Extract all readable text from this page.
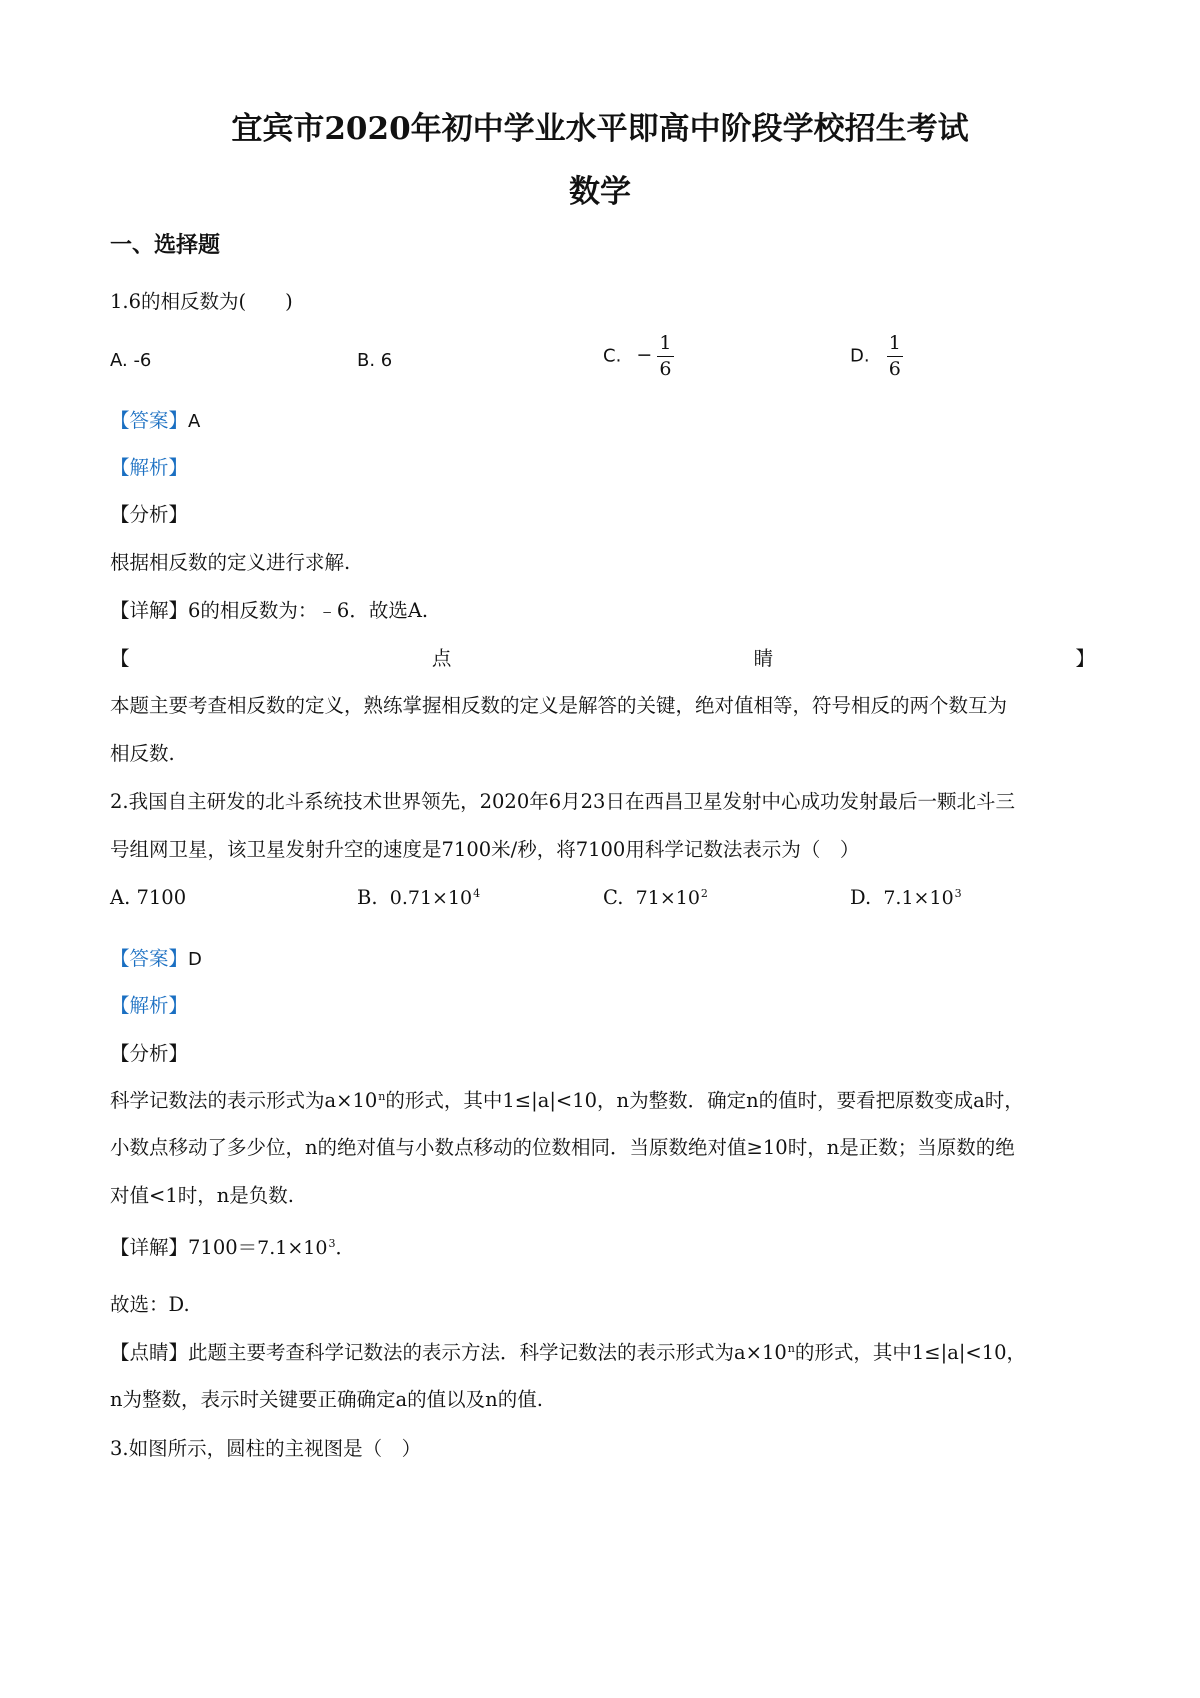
宜宾市2020年初中学业水平即高中阶段学校招生考试
数学
一、选择题
1.6的相反数为(　　)
A. -6	B. 6	C. − $\frac{1}{6}$	D. $\frac{1}{6}$
【答案】A
【解析】
【分析】
根据相反数的定义进行求解.
【详解】6的相反数为：﹣6．故选A.
【	点	睛	】
本题主要考查相反数的定义，熟练掌握相反数的定义是解答的关键，绝对值相等，符号相反的两个数互为
相反数.
2.我国自主研发的北斗系统技术世界领先，2020年6月23日在西昌卫星发射中心成功发射最后一颗北斗三
号组网卫星，该卫星发射升空的速度是7100米/秒，将7100用科学记数法表示为（　）
A. 7100	B. $0.71\times 10^4$	C. $71\times 10^2$	D. $7.1\times 10^3$
【答案】D
【解析】
【分析】
科学记数法的表示形式为$a\times 10^n$的形式，其中1≤|a|<10，n为整数．确定n的值时，要看把原数变成a时，
小数点移动了多少位，n的绝对值与小数点移动的位数相同．当原数绝对值≥10时，n是正数；当原数的绝
对值<1时，n是负数.
【详解】$7100=7.1\times 10^3$．
故选：D.
【点睛】此题主要考查科学记数法的表示方法．科学记数法的表示形式为$a\times 10^n$的形式，其中1≤|a|<10，
n为整数，表示时关键要正确确定a的值以及n的值.
3.如图所示，圆柱的主视图是（　）
